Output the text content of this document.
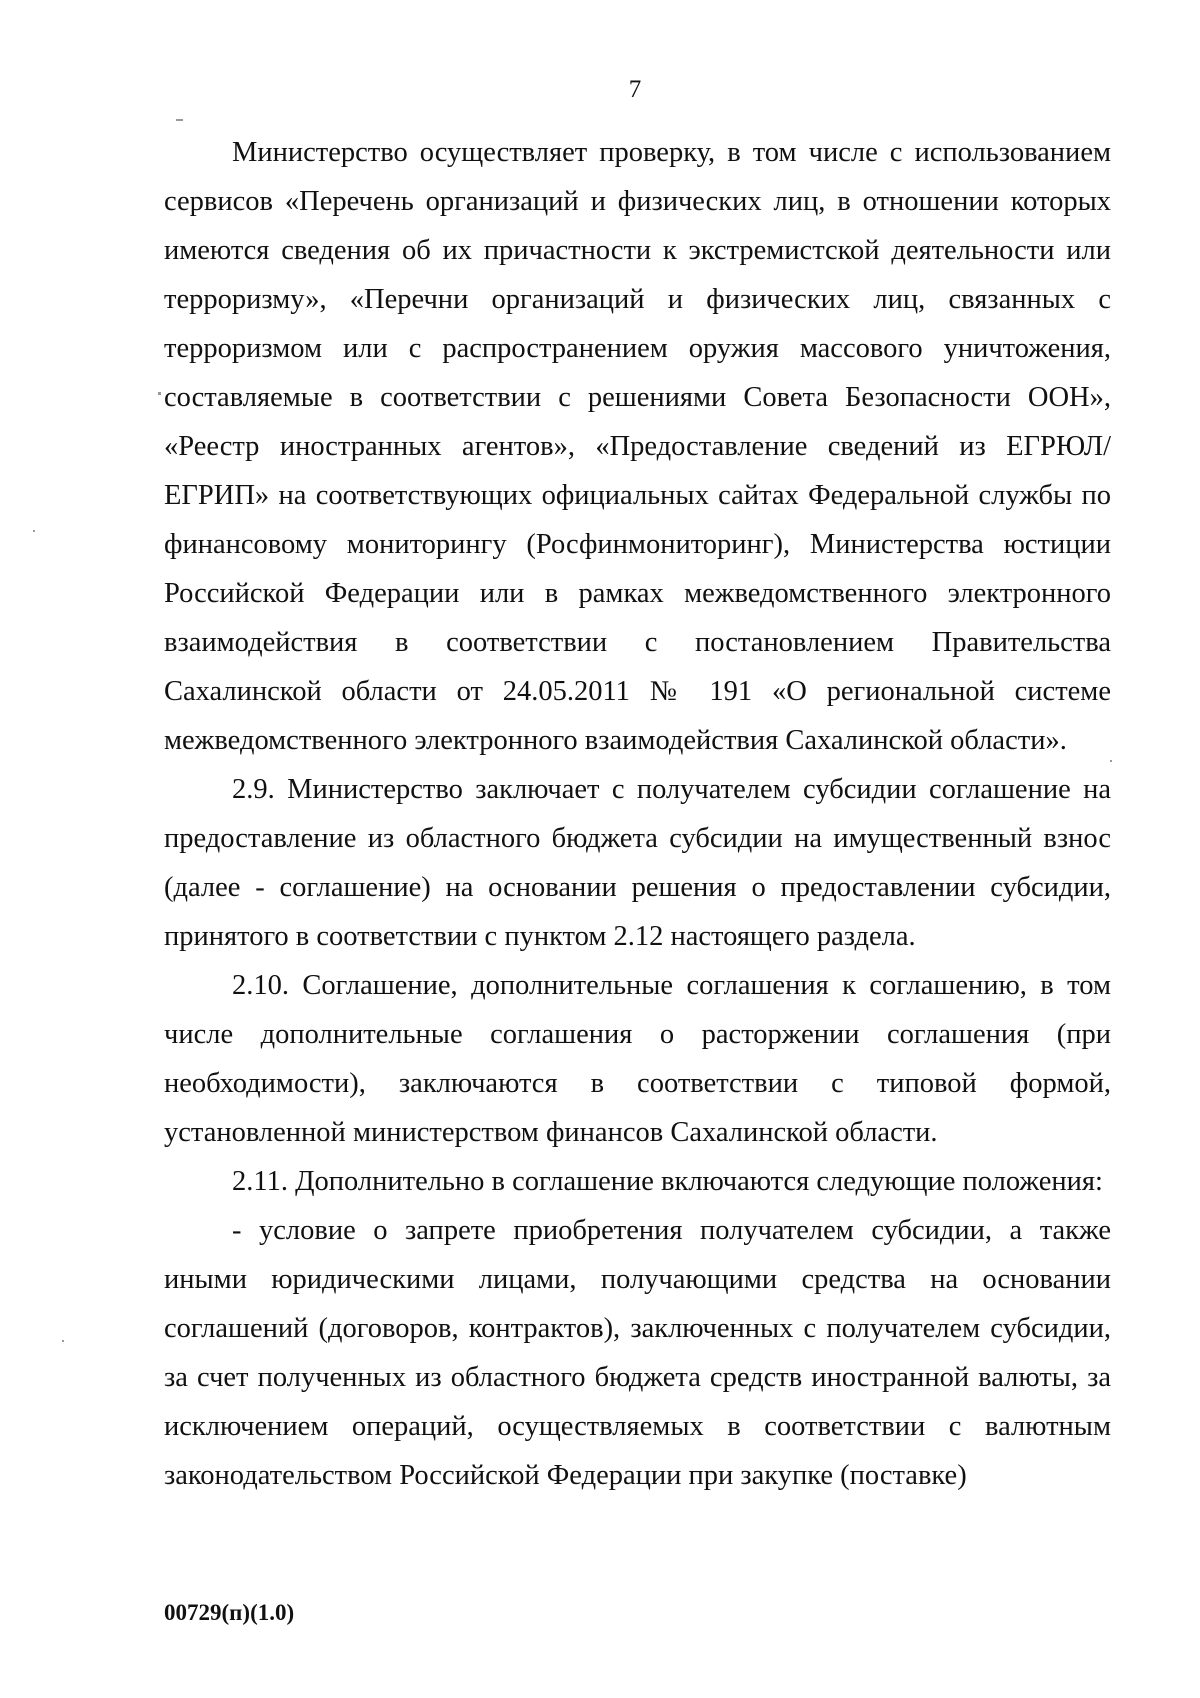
7

Министерство осуществляет проверку, в том числе с использованием сервисов «Перечень организаций и физических лиц, в отношении которых имеются сведения об их причастности к экстремистской деятельности или терроризму», «Перечни организаций и физических лиц, связанных с терроризмом или с распространением оружия массового уничтожения, составляемые в соответствии с решениями Совета Безопасности ООН», «Реестр иностранных агентов», «Предоставление сведений из ЕГРЮЛ/ЕГРИП» на соответствующих официальных сайтах Федеральной службы по финансовому мониторингу (Росфинмониторинг), Министерства юстиции Российской Федерации или в рамках межведомственного электронного взаимодействия в соответствии с постановлением Правительства Сахалинской области от 24.05.2011 № 191 «О региональной системе межведомственного электронного взаимодействия Сахалинской области».

2.9. Министерство заключает с получателем субсидии соглашение на предоставление из областного бюджета субсидии на имущественный взнос (далее - соглашение) на основании решения о предоставлении субсидии, принятого в соответствии с пунктом 2.12 настоящего раздела.

2.10. Соглашение, дополнительные соглашения к соглашению, в том числе дополнительные соглашения о расторжении соглашения (при необходимости), заключаются в соответствии с типовой формой, установленной министерством финансов Сахалинской области.

2.11. Дополнительно в соглашение включаются следующие положения:

- условие о запрете приобретения получателем субсидии, а также иными юридическими лицами, получающими средства на основании соглашений (договоров, контрактов), заключенных с получателем субсидии, за счет полученных из областного бюджета средств иностранной валюты, за исключением операций, осуществляемых в соответствии с валютным законодательством Российской Федерации при закупке (поставке)

00729(п)(1.0)
